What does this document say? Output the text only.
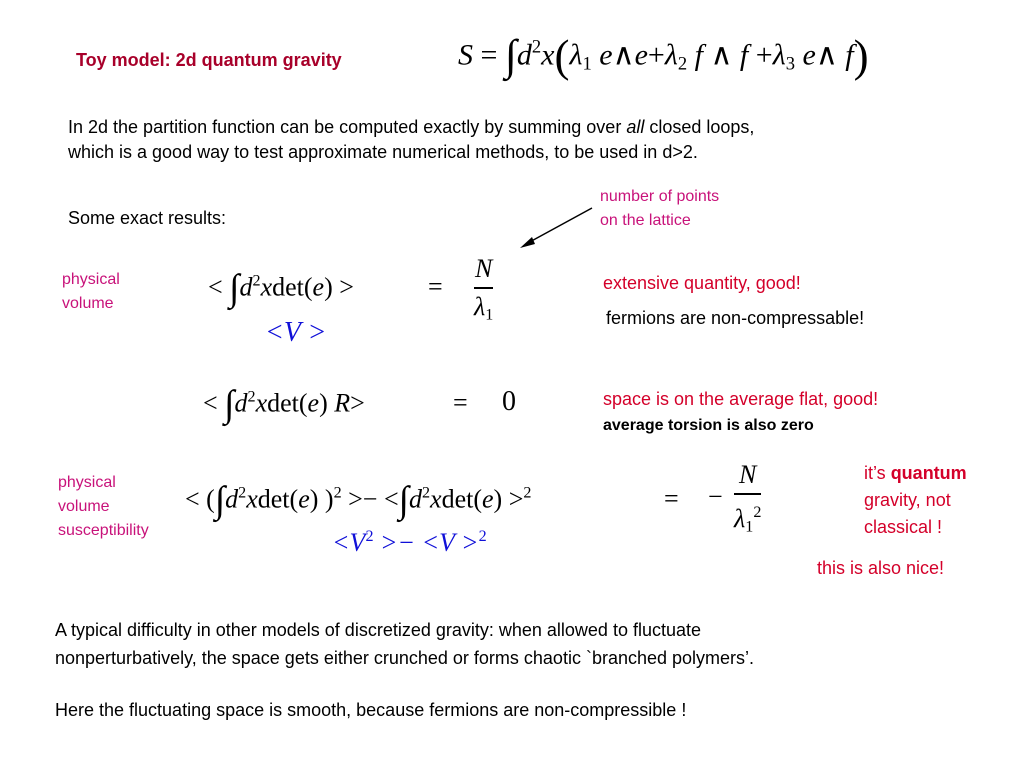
Toy model: 2d quantum gravity	$S = \int d^2x(\lambda_1$ $e\wedge e+\lambda_2$ f ∧ $f +\lambda_3$ e∧ f)
In 2d the partition function can be computed exactly by summing over all closed loops,
which is a good way to test approximate numerical methods, to be used in d>2.
Some exact results:
number of points
on the lattice
physical
volume
< $\int d^2xdet(e)$ >	=
N
$\lambda_1$
<V >
extensive quantity, good!
fermions are non-compressable!
< $\int d^2xdet(e)$ R>	= 0	space is on the average flat, good!
average torsion is also zero
physical
volume
susceptibility
< $(\int d^2xdet(e) )^2 >- <\int d^2xdet(e) >^2$	= −
N
$\lambda_1^2$
$<V^2 >- <V >^2$
it’s quantum
gravity, not
classical !
this is also nice!
A typical difficulty in other models of discretized gravity: when allowed to fluctuate
nonperturbatively, the space gets either crunched or forms chaotic `branched polymers’.
Here the fluctuating space is smooth, because fermions are non-compressible !
